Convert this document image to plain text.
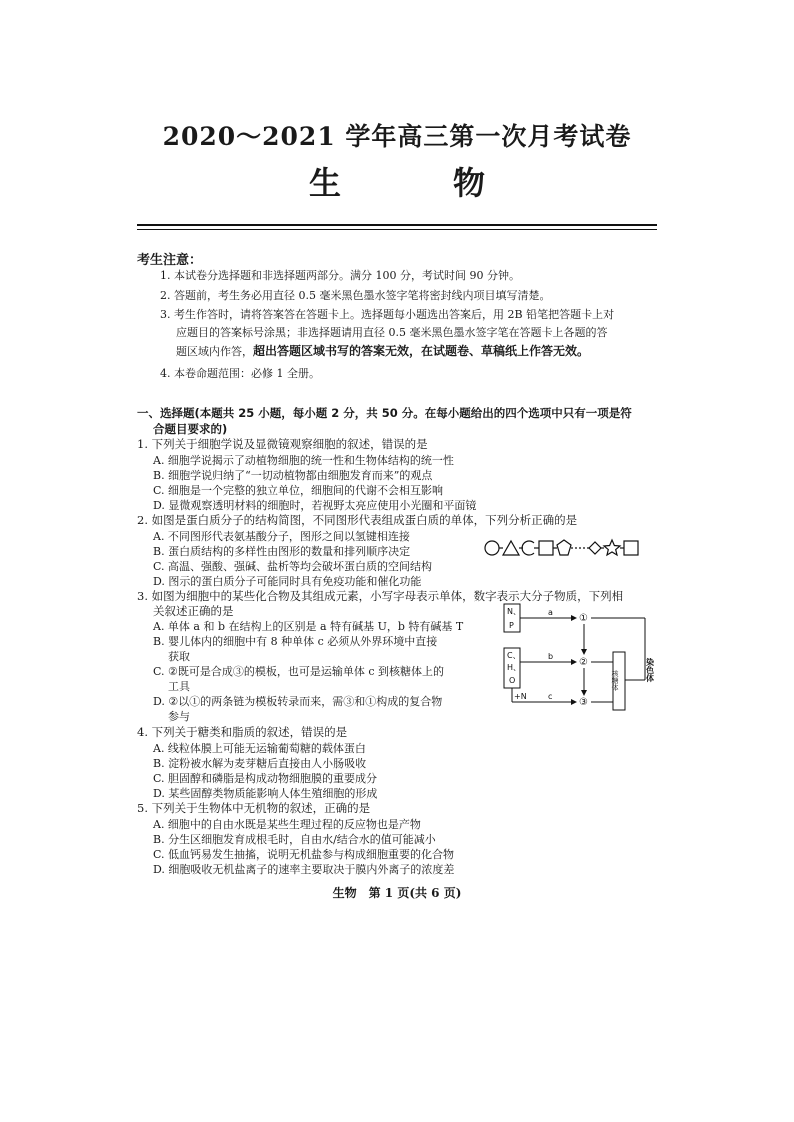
2020～2021 学年高三第一次月考试卷
生　物
考生注意：
1. 本试卷分选择题和非选择题两部分。满分 100 分，考试时间 90 分钟。
2. 答题前，考生务必用直径 0.5 毫米黑色墨水签字笔将密封线内项目填写清楚。
3. 考生作答时，请将答案答在答题卡上。选择题每小题选出答案后，用 2B 铅笔把答题卡上对
应题目的答案标号涂黑；非选择题请用直径 0.5 毫米黑色墨水签字笔在答题卡上各题的答
题区域内作答，超出答题区域书写的答案无效，在试题卷、草稿纸上作答无效。
4. 本卷命题范围：必修 1 全册。
一、选择题(本题共 25 小题，每小题 2 分，共 50 分。在每小题给出的四个选项中只有一项是符
合题目要求的)
1. 下列关于细胞学说及显微镜观察细胞的叙述，错误的是
A. 细胞学说揭示了动植物细胞的统一性和生物体结构的统一性
B. 细胞学说归纳了“一切动植物都由细胞发育而来”的观点
C. 细胞是一个完整的独立单位，细胞间的代谢不会相互影响
D. 显微观察透明材料的细胞时，若视野太亮应使用小光圈和平面镜
2. 如图是蛋白质分子的结构简图，不同图形代表组成蛋白质的单体，下列分析正确的是
A. 不同图形代表氨基酸分子，图形之间以氢键相连接
B. 蛋白质结构的多样性由图形的数量和排列顺序决定
C. 高温、强酸、强碱、盐析等均会破坏蛋白质的空间结构
D. 图示的蛋白质分子可能同时具有免疫功能和催化功能
3. 如图为细胞中的某些化合物及其组成元素，小写字母表示单体，数字表示大分子物质，下列相
关叙述正确的是
A. 单体 a 和 b 在结构上的区别是 a 特有碱基 U，b 特有碱基 T
B. 婴儿体内的细胞中有 8 种单体 c 必须从外界环境中直接
获取
C. ②既可是合成③的模板，也可是运输单体 c 到核糖体上的
工具
D. ②以①的两条链为模板转录而来，需③和①构成的复合物
参与
N、
P
C、
H、
O
+N
a
b
c
①
②
③
核糖体	染色体
4. 下列关于糖类和脂质的叙述，错误的是
A. 线粒体膜上可能无运输葡萄糖的载体蛋白
B. 淀粉被水解为麦芽糖后直接由人小肠吸收
C. 胆固醇和磷脂是构成动物细胞膜的重要成分
D. 某些固醇类物质能影响人体生殖细胞的形成
5. 下列关于生物体中无机物的叙述，正确的是
A. 细胞中的自由水既是某些生理过程的反应物也是产物
B. 分生区细胞发育成根毛时，自由水/结合水的值可能减小
C. 低血钙易发生抽搐，说明无机盐参与构成细胞重要的化合物
D. 细胞吸收无机盐离子的速率主要取决于膜内外离子的浓度差
生物　第 1 页(共 6 页)
